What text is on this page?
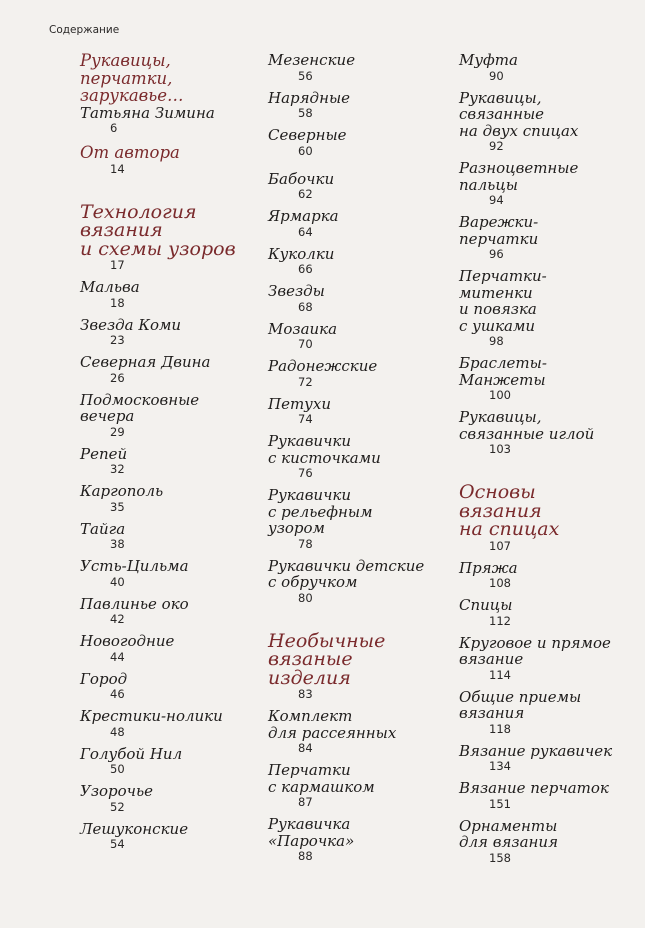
Содержание
Рукавицы,
перчатки,
зарукавье…
Татьяна Зимина
6
От автора
14
Технология
вязания
и схемы узоров
17
Мальва
18
Звезда Коми
23
Северная Двина
26
Подмосковные
вечера
29
Репей
32
Каргополь
35
Тайга
38
Усть-Цильма
40
Павлинье око
42
Новогодние
44
Город
46
Крестики-нолики
48
Голубой Нил
50
Узорочье
52
Лешуконские
54
Мезенские
56
Нарядные
58
Северные
60
Бабочки
62
Ярмарка
64
Куколки
66
Звезды
68
Мозаика
70
Радонежские
72
Петухи
74
Рукавички
с кисточками
76
Рукавички
с рельефным
узором
78
Рукавички детские
с обручком
80
Необычные
вязаные
изделия
83
Комплект
для рассеянных
84
Перчатки
с кармашком
87
Рукавичка
«Парочка»
88
Муфта
90
Рукавицы,
связанные
на двух спицах
92
Разноцветные
пальцы
94
Варежки-
перчатки
96
Перчатки-
митенки
и повязка
с ушками
98
Браслеты-
Манжеты
100
Рукавицы,
связанные иглой
103
Основы
вязания
на спицах
107
Пряжа
108
Спицы
112
Круговое и прямое
вязание
114
Общие приемы
вязания
118
Вязание рукавичек
134
Вязание перчаток
151
Орнаменты
для вязания
158
